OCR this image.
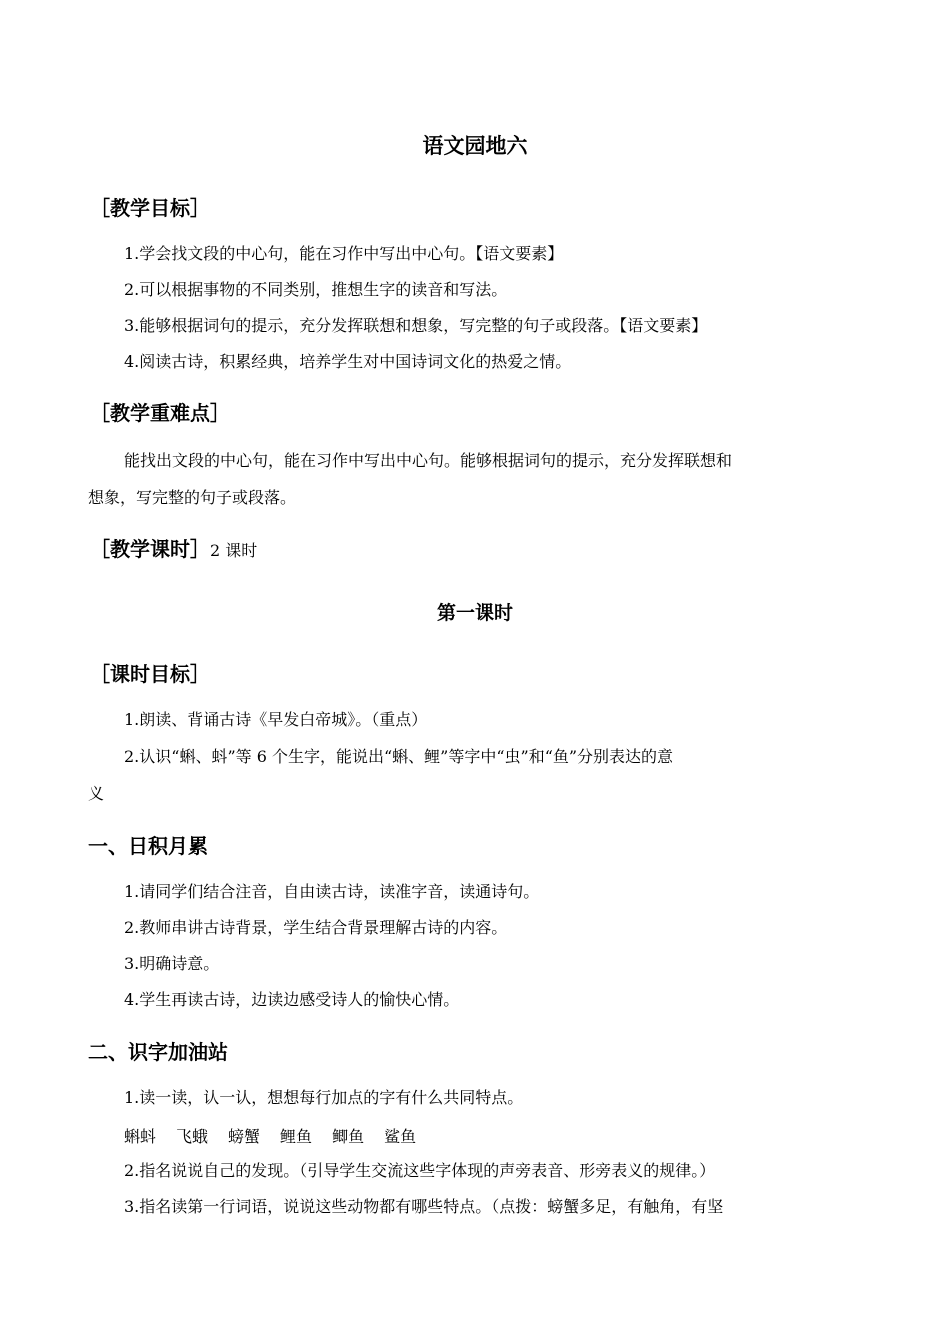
语文园地六
［教学目标］
1.学会找文段的中心句，能在习作中写出中心句。【语文要素】
2.可以根据事物的不同类别，推想生字的读音和写法。
3.能够根据词句的提示，充分发挥联想和想象，写完整的句子或段落。【语文要素】
4.阅读古诗，积累经典，培养学生对中国诗词文化的热爱之情。
［教学重难点］
能找出文段的中心句，能在习作中写出中心句。能够根据词句的提示，充分发挥联想和
想象，写完整的句子或段落。
［教学课时］2 课时
第一课时
［课时目标］
1.朗读、背诵古诗《早发白帝城》。（重点）
2.认识“蝌、蚪”等 6 个生字，能说出“蝌、鲤”等字中“虫”和“鱼”分别表达的意
义
一、日积月累
1.请同学们结合注音，自由读古诗，读准字音，读通诗句。
2.教师串讲古诗背景，学生结合背景理解古诗的内容。
3.明确诗意。
4.学生再读古诗，边读边感受诗人的愉快心情。
二、识字加油站
1.读一读，认一认，想想每行加点的字有什么共同特点。
蝌蚪 飞蛾 螃蟹 鲤鱼 鲫鱼 鲨鱼
2.指名说说自己的发现。（引导学生交流这些字体现的声旁表音、形旁表义的规律。）
3.指名读第一行词语，说说这些动物都有哪些特点。（点拨：螃蟹多足，有触角，有坚
